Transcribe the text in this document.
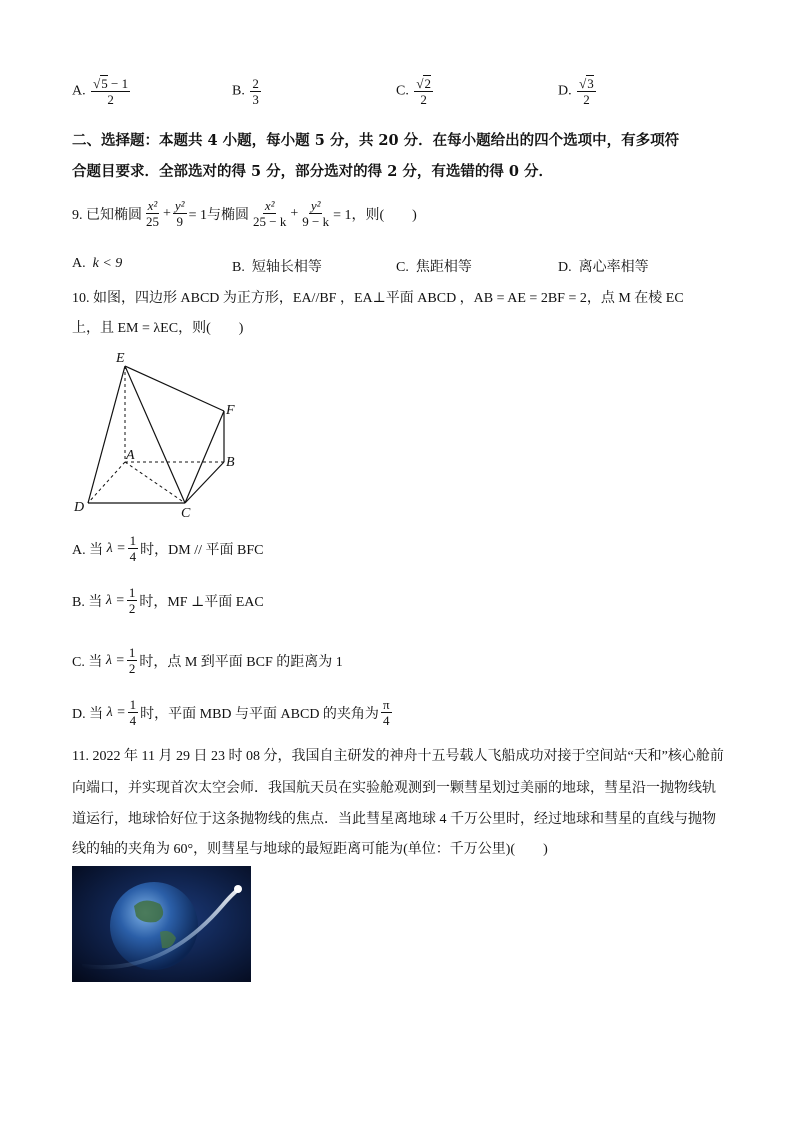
A. $\frac{√5 - 1}{2}$	B. $\frac{2}{3}$	C. $\frac{√2}{2}$	D. $\frac{√3}{2}$
二、选择题：本题共 4 小题，每小题 5 分，共 20 分．在每小题给出的四个选项中，有多项符
合题目要求．全部选对的得 5 分，部分选对的得 2 分，有选错的得 0 分．
9. 已知椭圆 $\frac{\text{x²}}{25} + \frac{\text{y²}}{9} = 1$与椭圆 $\frac{\text{x²}}{25 - k} + \frac{\text{y²}}{9 - k} = 1$，则(　　)
A. k < 9	B. 短轴长相等	C. 焦距相等	D. 离心率相等
10. 如图，四边形 ABCD 为正方形，EA//BF ，EA⊥平面 ABCD ，AB = AE = 2BF = 2，点 M 在棱 EC
上，且 EM = λEC，则(　　)
E
F
A	B
D	C
A. 当
$\lambda = \frac{1}{4}$ 时，DM // 平面 BFC
B. 当
$\lambda = \frac{1}{2}$ 时，MF ⊥平面 EAC
C. 当
$\lambda = \frac{1}{2}$ 时，点 M 到平面 BCF 的距离为 1
D. 当
$\lambda = \frac{1}{4}$ 时，平面 MBD 与平面 ABCD 的夹角为 $\frac{\pi}{4}$
11. 2022 年 11 月 29 日 23 时 08 分，我国自主研发的神舟十五号载人飞船成功对接于空间站“天和”核心舱前
向端口，并实现首次太空会师．我国航天员在实验舱观测到一颗彗星划过美丽的地球，彗星沿一抛物线轨
道运行，地球恰好位于这条抛物线的焦点．当此彗星离地球 4 千万公里时，经过地球和彗星的直线与抛物
线的轴的夹角为 60°，则彗星与地球的最短距离可能为(单位：千万公里)(　　)
